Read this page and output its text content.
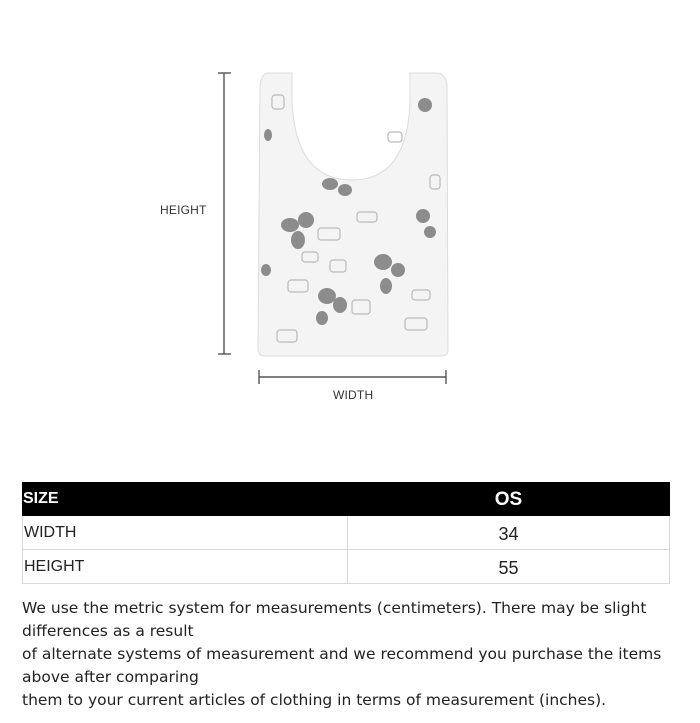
HEIGHT
WIDTH
SIZE	OS
WIDTH	34
HEIGHT	55

We use the metric system for measurements (centimeters). There may be slight
differences as a result
of alternate systems of measurement and we recommend you purchase the items
above after comparing
them to your current articles of clothing in terms of measurement (inches).
